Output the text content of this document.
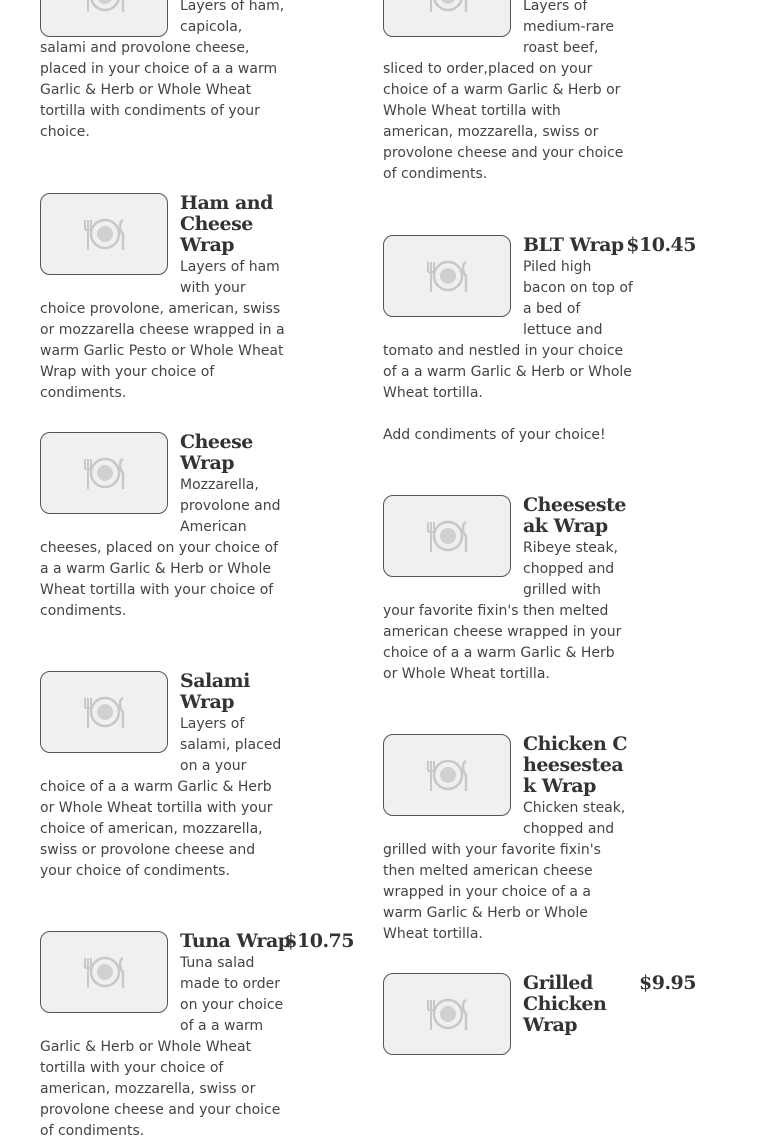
Layers of ham, capicola, salami and provolone cheese, placed in your choice of a a warm Garlic & Herb or Whole Wheat tortilla with condiments of your choice.

Ham and Cheese Wrap

Layers of ham with your choice provolone, american, swiss or mozzarella cheese wrapped in a warm Garlic Pesto or Whole Wheat Wrap with your choice of condiments.

Cheese Wrap

Mozzarella, provolone and American cheeses, placed on your choice of a a warm Garlic & Herb or Whole Wheat tortilla with your choice of condiments.

Salami Wrap

Layers of salami, placed on a your choice of a a warm Garlic & Herb or Whole Wheat tortilla with your choice of american, mozzarella, swiss or provolone cheese and your choice of condiments.

Tuna Wrap
$10.75

Tuna salad made to order on your choice of a a warm Garlic & Herb or Whole Wheat tortilla with your choice of american, mozzarella, swiss or provolone cheese and your choice of condiments.

Layers of medium-rare roast beef, sliced to order,placed on your choice of a warm Garlic & Herb or Whole Wheat tortilla with american, mozzarella, swiss or provolone cheese and your choice of condiments.

BLT Wrap $10.45

Piled high bacon on top of a bed of lettuce and tomato and nestled in your choice of a a warm Garlic & Herb or Whole Wheat tortilla.

Add condiments of your choice!

Cheesesteak Wrap

Ribeye steak, chopped and grilled with your favorite fixin's then melted american cheese wrapped in your choice of a a warm Garlic & Herb or Whole Wheat tortilla.

Chicken Cheesesteak Wrap

Chicken steak, chopped and grilled with your favorite fixin's then melted american cheese wrapped in your choice of a a warm Garlic & Herb or Whole Wheat tortilla.

Grilled Chicken Wrap
$9.95
